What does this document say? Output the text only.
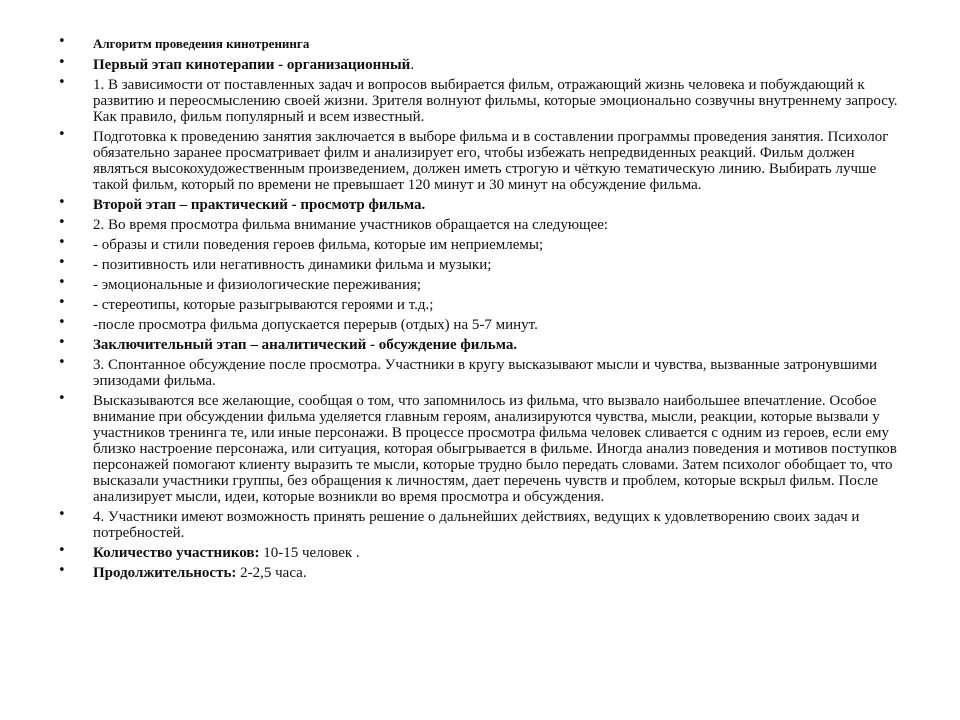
• Алгоритм проведения кинотренинга
• Первый этап кинотерапии - организационный.
• 1. В зависимости от поставленных задач и вопросов выбирается фильм, отражающий жизнь человека и побуждающий к развитию и переосмыслению своей жизни. Зрителя волнуют фильмы, которые эмоционально созвучны внутреннему запросу. Как правило, фильм популярный и всем известный.
• Подготовка к проведению занятия заключается в выборе фильма и в составлении программы проведения занятия. Психолог обязательно заранее просматривает филм и анализирует его, чтобы избежать непредвиденных реакций. Фильм должен являться высокохудожественным произведением, должен иметь строгую и чёткую тематическую линию. Выбирать лучше такой фильм, который по времени не превышает 120 минут и 30 минут на обсуждение фильма.
• Второй этап – практический - просмотр фильма.
• 2. Во время просмотра фильма внимание участников обращается на следующее:
• - образы и стили поведения героев фильма, которые им неприемлемы;
• - позитивность или негативность динамики фильма и музыки;
• - эмоциональные и физиологические переживания;
• - стереотипы, которые разыгрываются героями и т.д.;
• -после просмотра фильма допускается перерыв (отдых) на 5-7 минут.
• Заключительный этап – аналитический - обсуждение фильма.
• 3. Спонтанное обсуждение после просмотра. Участники в кругу высказывают мысли и чувства, вызванные затронувшими эпизодами фильма.
• Высказываются все желающие, сообщая о том, что запомнилось из фильма, что вызвало наибольшее впечатление. Особое внимание при обсуждении фильма уделяется главным героям, анализируются чувства, мысли, реакции, которые вызвали у участников тренинга те, или иные персонажи. В процессе просмотра фильма человек сливается с одним из героев, если ему близко настроение персонажа, или ситуация, которая обыгрывается в фильме. Иногда анализ поведения и мотивов поступков персонажей помогают клиенту выразить те мысли, которые трудно было передать словами. Затем психолог обобщает то, что высказали участники группы, без обращения к личностям, дает перечень чувств и проблем, которые вскрыл фильм. После анализирует мысли, идеи, которые возникли во время просмотра и обсуждения.
• 4. Участники имеют возможность принять решение о дальнейших действиях, ведущих к удовлетворению своих задач и потребностей.
• Количество участников: 10-15 человек .
• Продолжительность: 2-2,5 часа.
